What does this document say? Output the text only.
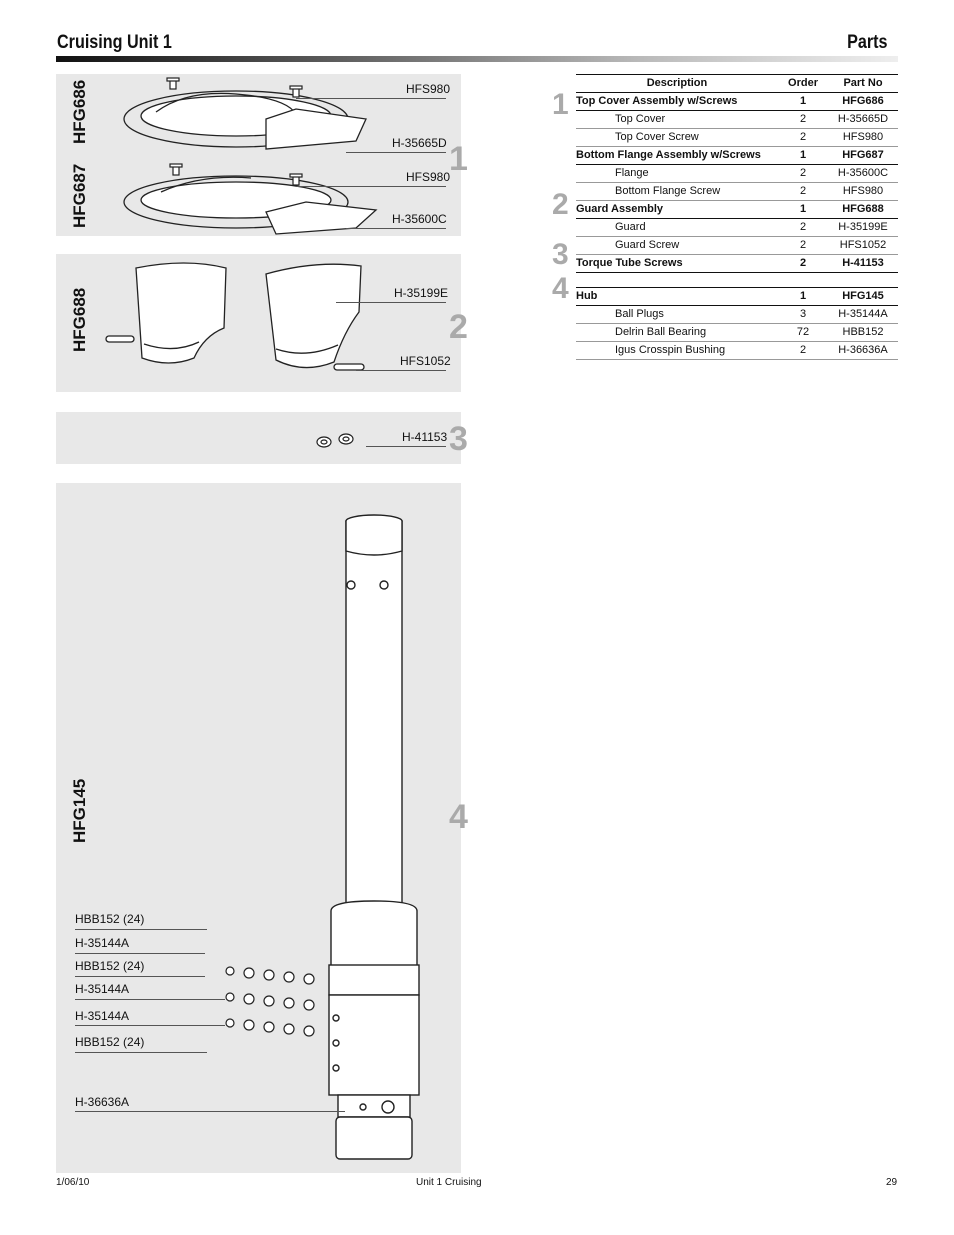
Cruising Unit 1	Parts
HFG686
HFG687
HFS980
H-35665D
HFS980
H-35600C
1
HFG688	H-35199E
HFS1052
2
H-41153 3
HFG145
HBB152 (24)
H-35144A
HBB152 (24)
H-35144A
H-35144A
HBB152 (24)
H-36636A
4
1
2
3
4
Description	Order	Part No
Top Cover Assembly w/Screws	1	HFG686
Top Cover	2	H-35665D
Top Cover Screw	2	HFS980
Bottom Flange Assembly w/Screws	1	HFG687
Flange	2	H-35600C
Bottom Flange Screw	2	HFS980
Guard Assembly	1	HFG688
Guard	2	H-35199E
Guard Screw	2	HFS1052
Torque Tube Screws	2	H-41153

Hub	1	HFG145
Ball Plugs	3	H-35144A
Delrin Ball Bearing	72	HBB152
Igus Crosspin Bushing	2	H-36636A
1/06/10	Unit 1 Cruising	29
